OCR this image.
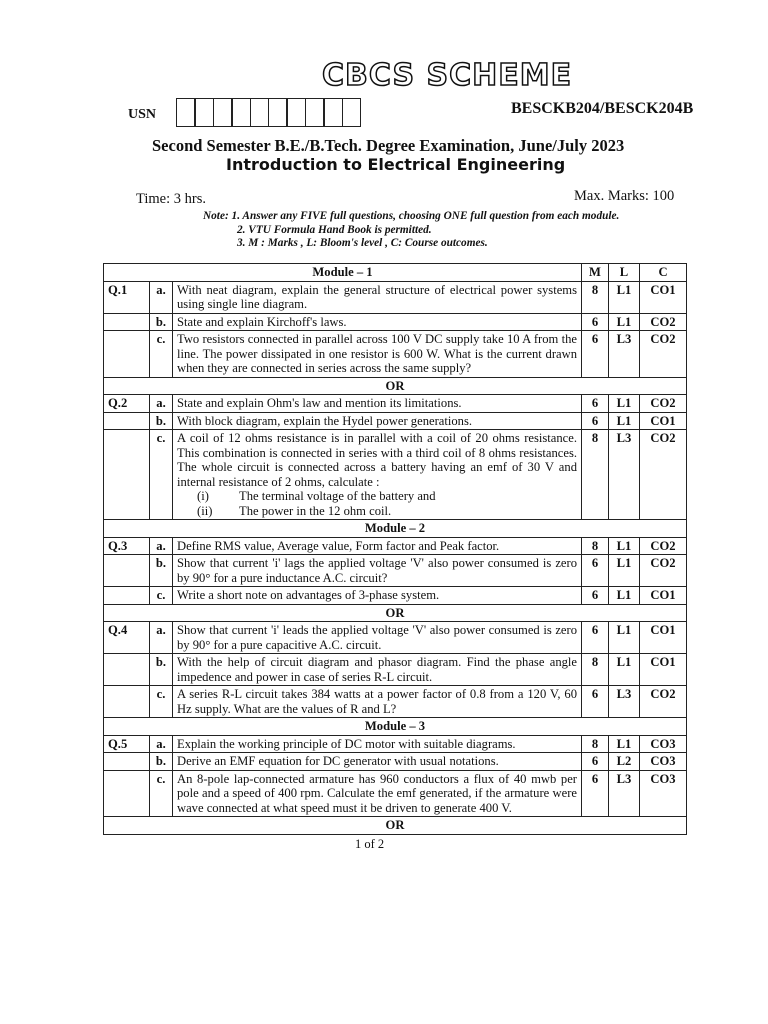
CBCS SCHEME
USN	BESCKB204/BESCK204B
Second Semester B.E./B.Tech. Degree Examination, June/July 2023
Introduction to Electrical Engineering
Time: 3 hrs.	Max. Marks: 100
Note: 1. Answer any FIVE full questions, choosing ONE full question from each module.
2. VTU Formula Hand Book is permitted.
3. M : Marks , L: Bloom's level , C: Course outcomes.
Module – 1			M	L	C
Q.1	a.	With neat diagram, explain the general structure of electrical power systems using single line diagram.	8	L1	CO1
	b.	State and explain Kirchoff's laws.	6	L1	CO2
	c.	Two resistors connected in parallel across 100 V DC supply take 10 A from the line. The power dissipated in one resistor is 600 W. What is the current drawn when they are connected in series across the same supply?	6	L3	CO2
OR					
Q.2	a.	State and explain Ohm's law and mention its limitations.	6	L1	CO2
	b.	With block diagram, explain the Hydel power generations.	6	L1	CO1
	c.	A coil of 12 ohms resistance is in parallel with a coil of 20 ohms resistance. This combination is connected in series with a third coil of 8 ohms resistances. The whole circuit is connected across a battery having an emf of 30 V and internal resistance of 2 ohms, calculate :
(i) The terminal voltage of the battery and
(ii) The power in the 12 ohm coil.	8	L3	CO2
Module – 2					
Q.3	a.	Define RMS value, Average value, Form factor and Peak factor.	8	L1	CO2
	b.	Show that current 'i' lags the applied voltage 'V' also power consumed is zero by 90° for a pure inductance A.C. circuit?	6	L1	CO2
	c.	Write a short note on advantages of 3-phase system.	6	L1	CO1
OR					
Q.4	a.	Show that current 'i' leads the applied voltage 'V' also power consumed is zero by 90° for a pure capacitive A.C. circuit.	6	L1	CO1
	b.	With the help of circuit diagram and phasor diagram. Find the phase angle impedence and power in case of series R-L circuit.	8	L1	CO1
	c.	A series R-L circuit takes 384 watts at a power factor of 0.8 from a 120 V, 60 Hz supply. What are the values of R and L?	6	L3	CO2
Module – 3					
Q.5	a.	Explain the working principle of DC motor with suitable diagrams.	8	L1	CO3
	b.	Derive an EMF equation for DC generator with usual notations.	6	L2	CO3
	c.	An 8-pole lap-connected armature has 960 conductors a flux of 40 mwb per pole and a speed of 400 rpm. Calculate the emf generated, if the armature were wave connected at what speed must it be driven to generate 400 V.	6	L3	CO3
OR					
1 of 2
